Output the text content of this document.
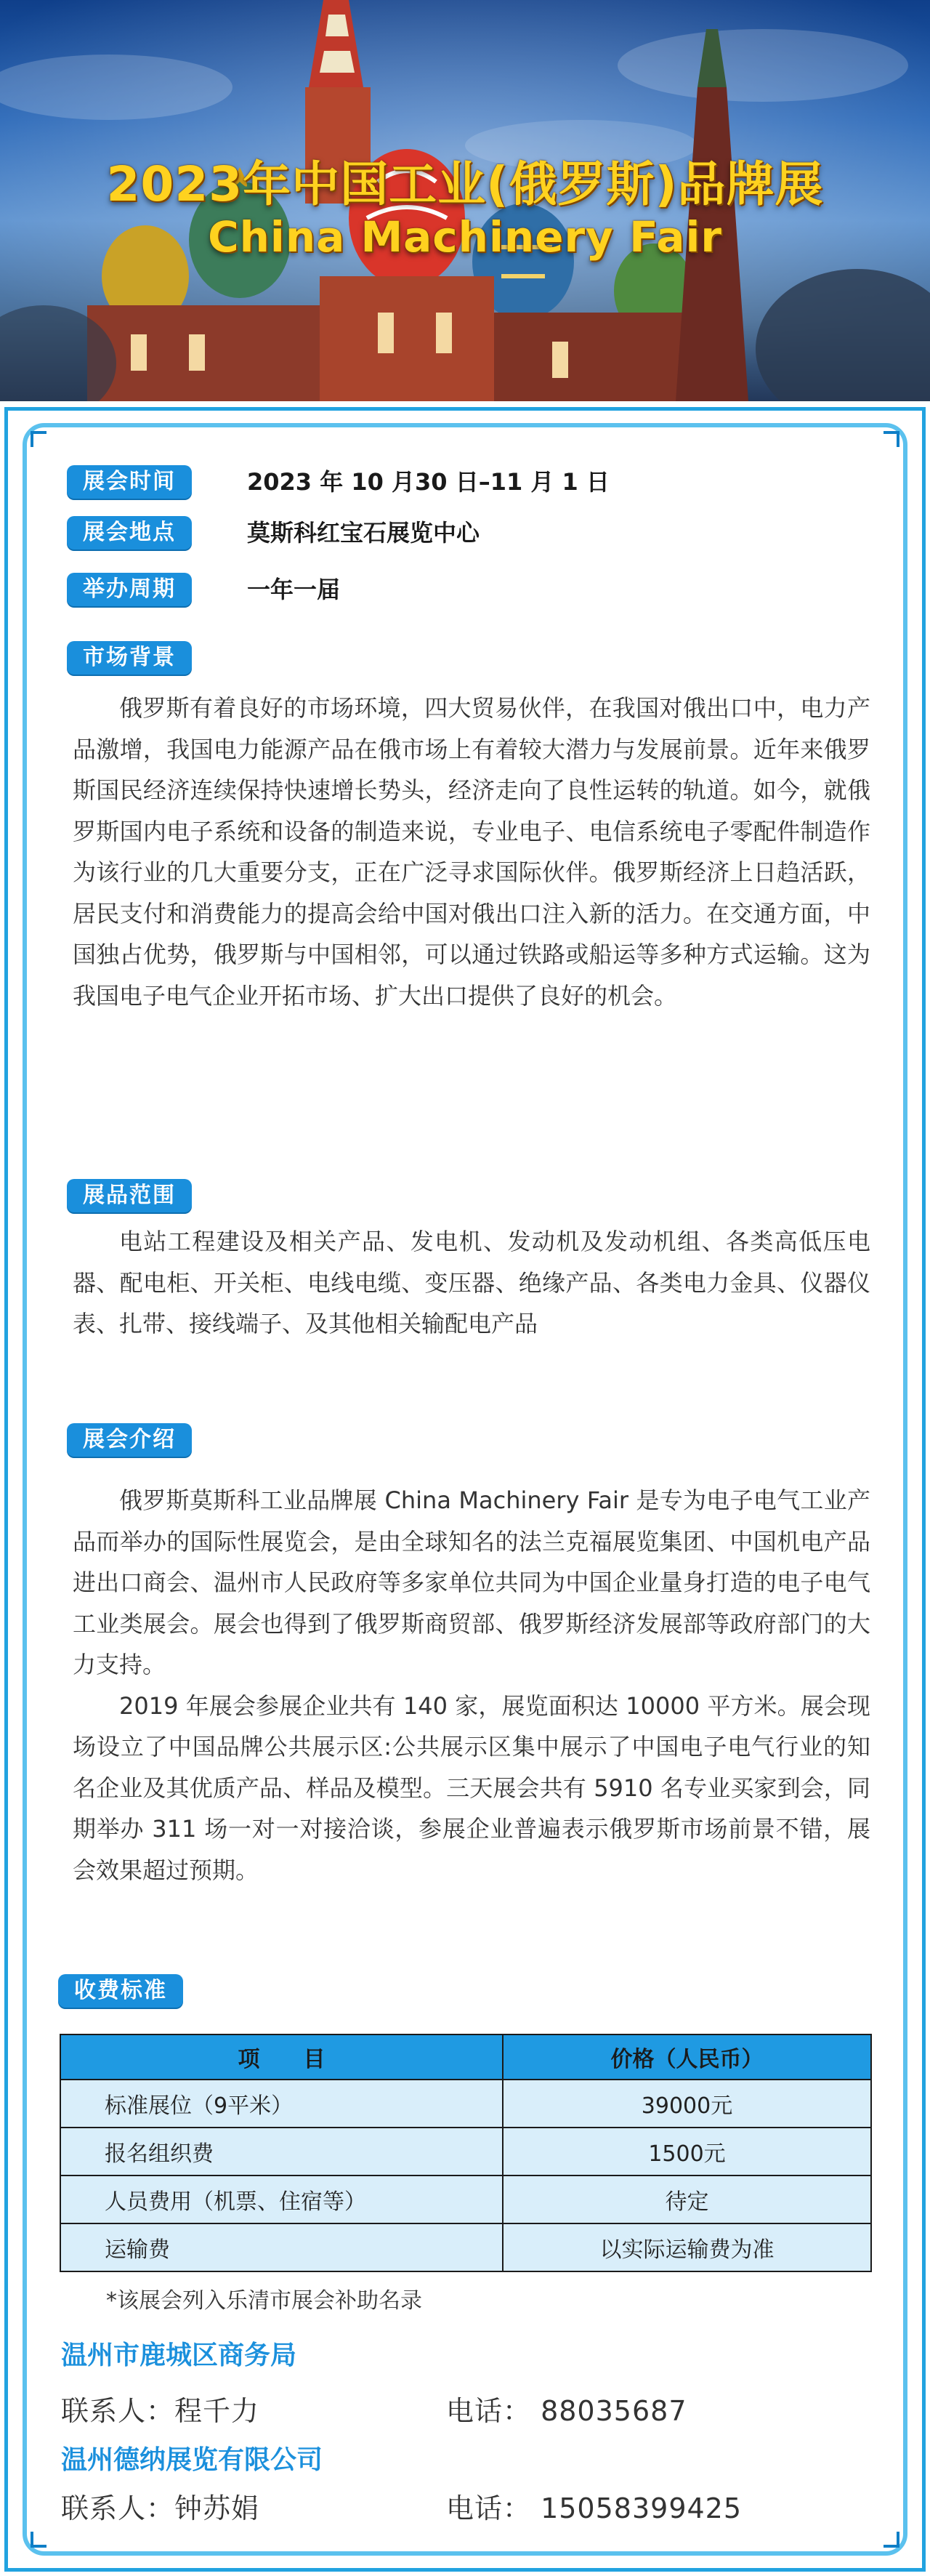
2023年中国工业(俄罗斯)品牌展
China Machinery Fair
展会时间	2023 年 10 月30 日–11 月 1 日
展会地点	莫斯科红宝石展览中心
举办周期	一年一届
市场背景

俄罗斯有着良好的市场环境，四大贸易伙伴，在我国对俄出口中，电力产品激增，我国电力能源产品在俄市场上有着较大潜力与发展前景。近年来俄罗斯国民经济连续保持快速增长势头，经济走向了良性运转的轨道。如今，就俄罗斯国内电子系统和设备的制造来说，专业电子、电信系统电子零配件制造作为该行业的几大重要分支，正在广泛寻求国际伙伴。俄罗斯经济上日趋活跃，居民支付和消费能力的提高会给中国对俄出口注入新的活力。在交通方面，中国独占优势，俄罗斯与中国相邻，可以通过铁路或船运等多种方式运输。这为我国电子电气企业开拓市场、扩大出口提供了良好的机会。

展品范围

电站工程建设及相关产品、发电机、发动机及发动机组、各类高低压电器、配电柜、开关柜、电线电缆、变压器、绝缘产品、各类电力金具、仪器仪表、扎带、接线端子、及其他相关输配电产品

展会介绍

俄罗斯莫斯科工业品牌展 China Machinery Fair 是专为电子电气工业产品而举办的国际性展览会，是由全球知名的法兰克福展览集团、中国机电产品进出口商会、温州市人民政府等多家单位共同为中国企业量身打造的电子电气工业类展会。展会也得到了俄罗斯商贸部、俄罗斯经济发展部等政府部门的大力支持。

2019 年展会参展企业共有 140 家，展览面积达 10000 平方米。展会现场设立了中国品牌公共展示区:公共展示区集中展示了中国电子电气行业的知名企业及其优质产品、样品及模型。三天展会共有 5910 名专业买家到会，同期举办 311 场一对一对接洽谈，参展企业普遍表示俄罗斯市场前景不错，展会效果超过预期。

收费标准
项　　目	价格（人民币）
标准展位（9平米）	39000元
报名组织费	1500元
人员费用（机票、住宿等）	待定
运输费	以实际运输费为准
*该展会列入乐清市展会补助名录
温州市鹿城区商务局
联系人：程千力	电话： 88035687
温州德纳展览有限公司
联系人：钟苏娟	电话： 15058399425
